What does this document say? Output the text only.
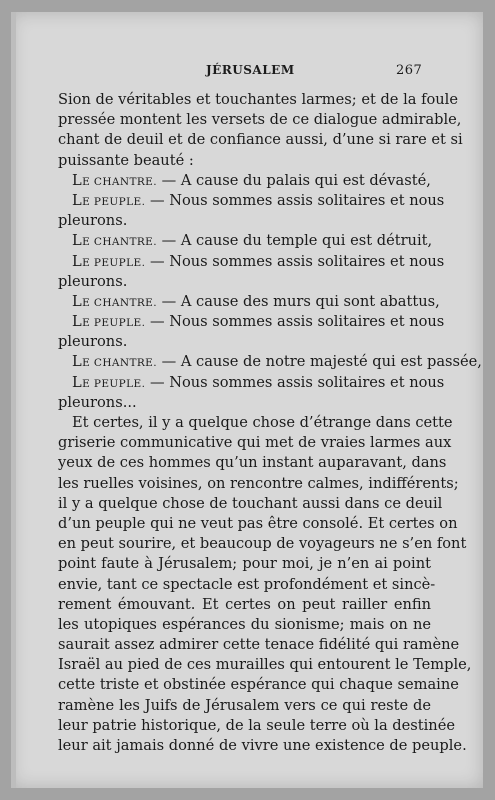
JÉRUSALEM	267
Sion de véritables et touchantes larmes; et de la foule
pressée montent les versets de ce dialogue admirable,
chant de deuil et de confiance aussi, d’une si rare et si
puissante beauté :
LE CHANTRE. — A cause du palais qui est dévasté,
LE PEUPLE. — Nous sommes assis solitaires et nous
pleurons.
LE CHANTRE. — A cause du temple qui est détruit,
LE PEUPLE. — Nous sommes assis solitaires et nous
pleurons.
LE CHANTRE. — A cause des murs qui sont abattus,
LE PEUPLE. — Nous sommes assis solitaires et nous
pleurons.
LE CHANTRE. — A cause de notre majesté qui est passée,
LE PEUPLE. — Nous sommes assis solitaires et nous
pleurons...
Et certes, il y a quelque chose d’étrange dans cette
griserie communicative qui met de vraies larmes aux
yeux de ces hommes qu’un instant auparavant, dans
les ruelles voisines, on rencontre calmes, indifférents;
il y a quelque chose de touchant aussi dans ce deuil
d’un peuple qui ne veut pas être consolé. Et certes on
en peut sourire, et beaucoup de voyageurs ne s’en font
point faute à Jérusalem; pour moi, je n’en ai point
envie, tant ce spectacle est profondément et sincè-
rement émouvant. Et certes on peut railler enfin
les utopiques espérances du sionisme; mais on ne
saurait assez admirer cette tenace fidélité qui ramène
Israël au pied de ces murailles qui entourent le Temple,
cette triste et obstinée espérance qui chaque semaine
ramène les Juifs de Jérusalem vers ce qui reste de
leur patrie historique, de la seule terre où la destinée
leur ait jamais donné de vivre une existence de peuple.
